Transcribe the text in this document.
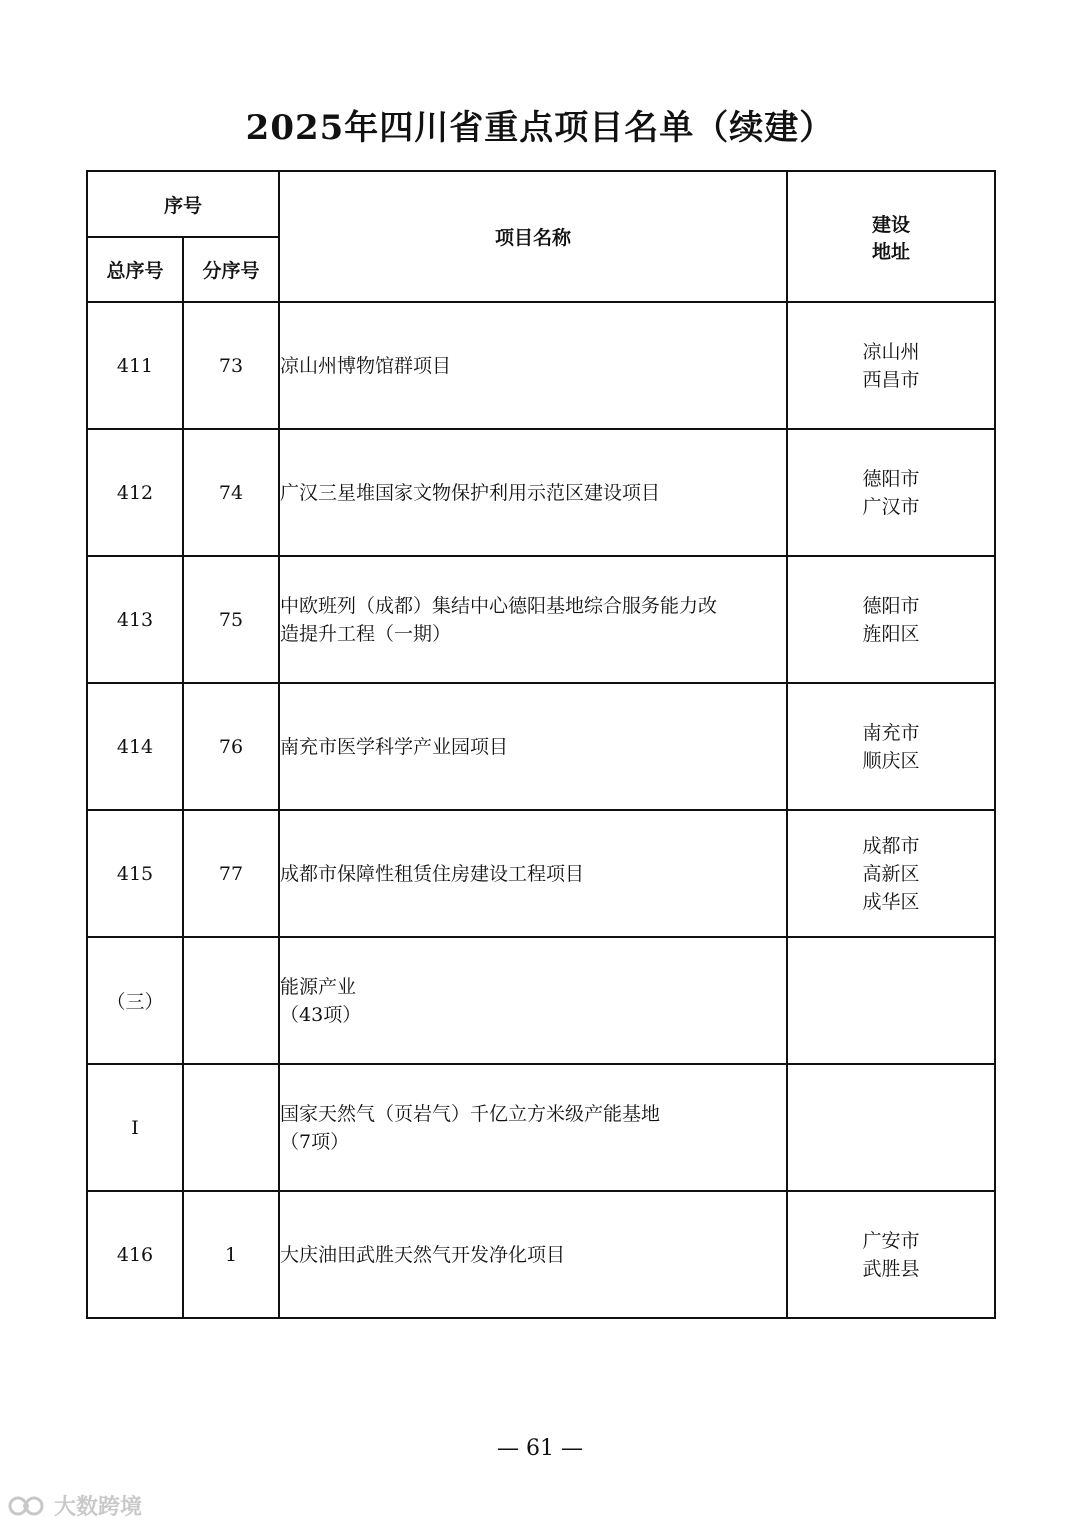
2025年四川省重点项目名单（续建）
序号		项目名称	建设
地址

总序号	分序号		
411	73	凉山州博物馆群项目	凉山州
西昌市

412	74	广汉三星堆国家文物保护利用示范区建设项目	德阳市
广汉市

413	75	中欧班列（成都）集结中心德阳基地综合服务能力改
造提升工程（一期）	德阳市
旌阳区

414	76	南充市医学科学产业园项目	南充市
顺庆区

415	77	成都市保障性租赁住房建设工程项目	成都市
高新区
成华区

（三）		能源产业
（43项）	

I		国家天然气（页岩气）千亿立方米级产能基地
（7项）	

416	1	大庆油田武胜天然气开发净化项目	广安市
武胜县
— 61 —
大数跨境
